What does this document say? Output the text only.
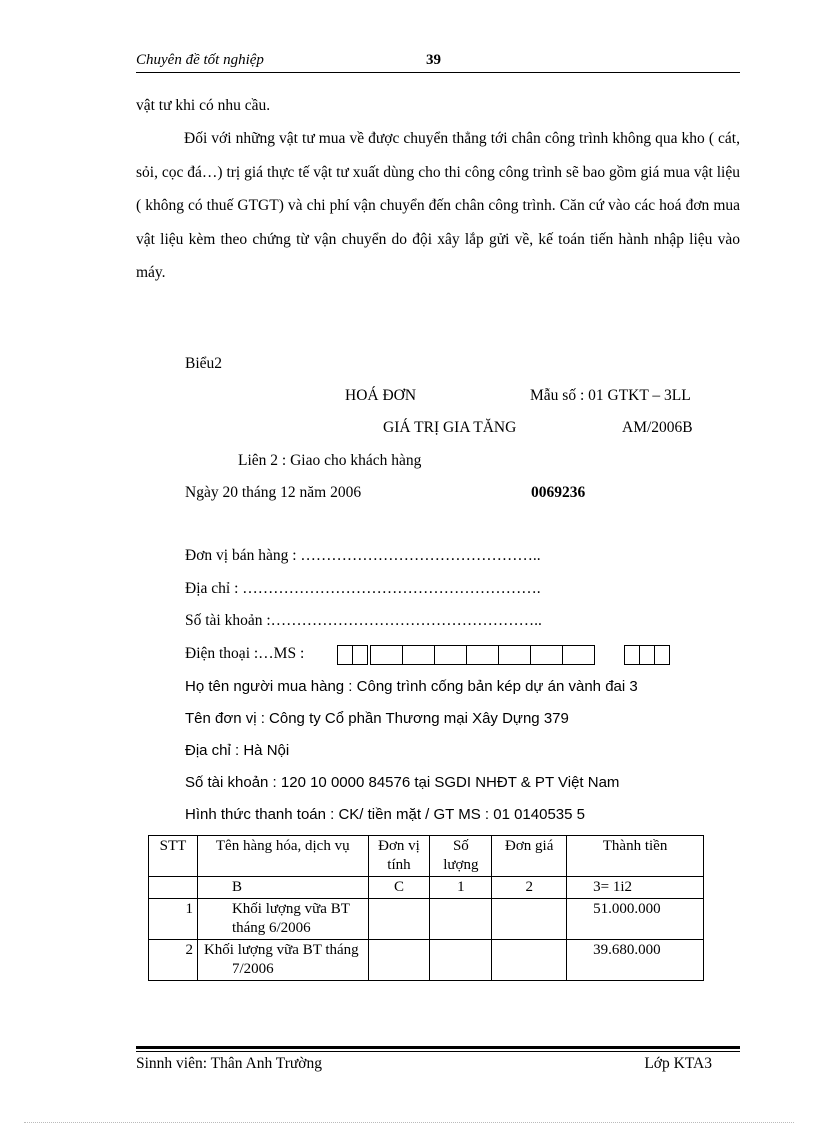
Chuyên đề tốt nghiệp	39
vật tư khi có nhu cầu.
Đối với những vật tư mua về được chuyển thẳng tới chân công trình không qua kho ( cát, sỏi, cọc đá…) trị giá thực tế vật tư xuất dùng cho thi công công trình sẽ bao gồm giá mua vật liệu ( không có thuế GTGT) và chi phí vận chuyển đến chân công trình. Căn cứ vào các hoá đơn mua vật liệu kèm theo chứng từ vận chuyển do đội xây lắp gửi về, kế toán tiến hành nhập liệu vào máy.
Biểu2
HOÁ ĐƠN	Mẫu số : 01 GTKT – 3LL
GIÁ TRỊ GIA TĂNG	AM/2006B
Liên 2 : Giao cho khách hàng
Ngày 20 tháng 12 năm 2006	0069236
Đơn vị bán hàng : ………………………………………..
Địa chỉ : ………………………………………………….
Số tài khoản :……………………………………………..
Điện thoại :…MS :
Họ tên người mua hàng : Công trình cống bản kép dự án vành đai 3
Tên đơn vị : Công ty Cổ phần Thương mại Xây Dựng 379
Địa chỉ : Hà Nội
Số tài khoản : 120 10 0000 84576 tại SGDI NHĐT & PT Việt Nam
Hình thức thanh toán : CK/ tiền mặt / GT MS : 01 0140535 5
STT	Tên hàng hóa, dịch vụ	Đơn vị tính	Số lượng	Đơn giá	Thành tiền
	B	C	1	2	3= 1i2
1	Khối lượng vữa BT tháng 6/2006				51.000.000
2	Khối lượng vữa BT tháng 7/2006				39.680.000
Sinnh viên: Thân Anh Trường	Lớp KTA3
